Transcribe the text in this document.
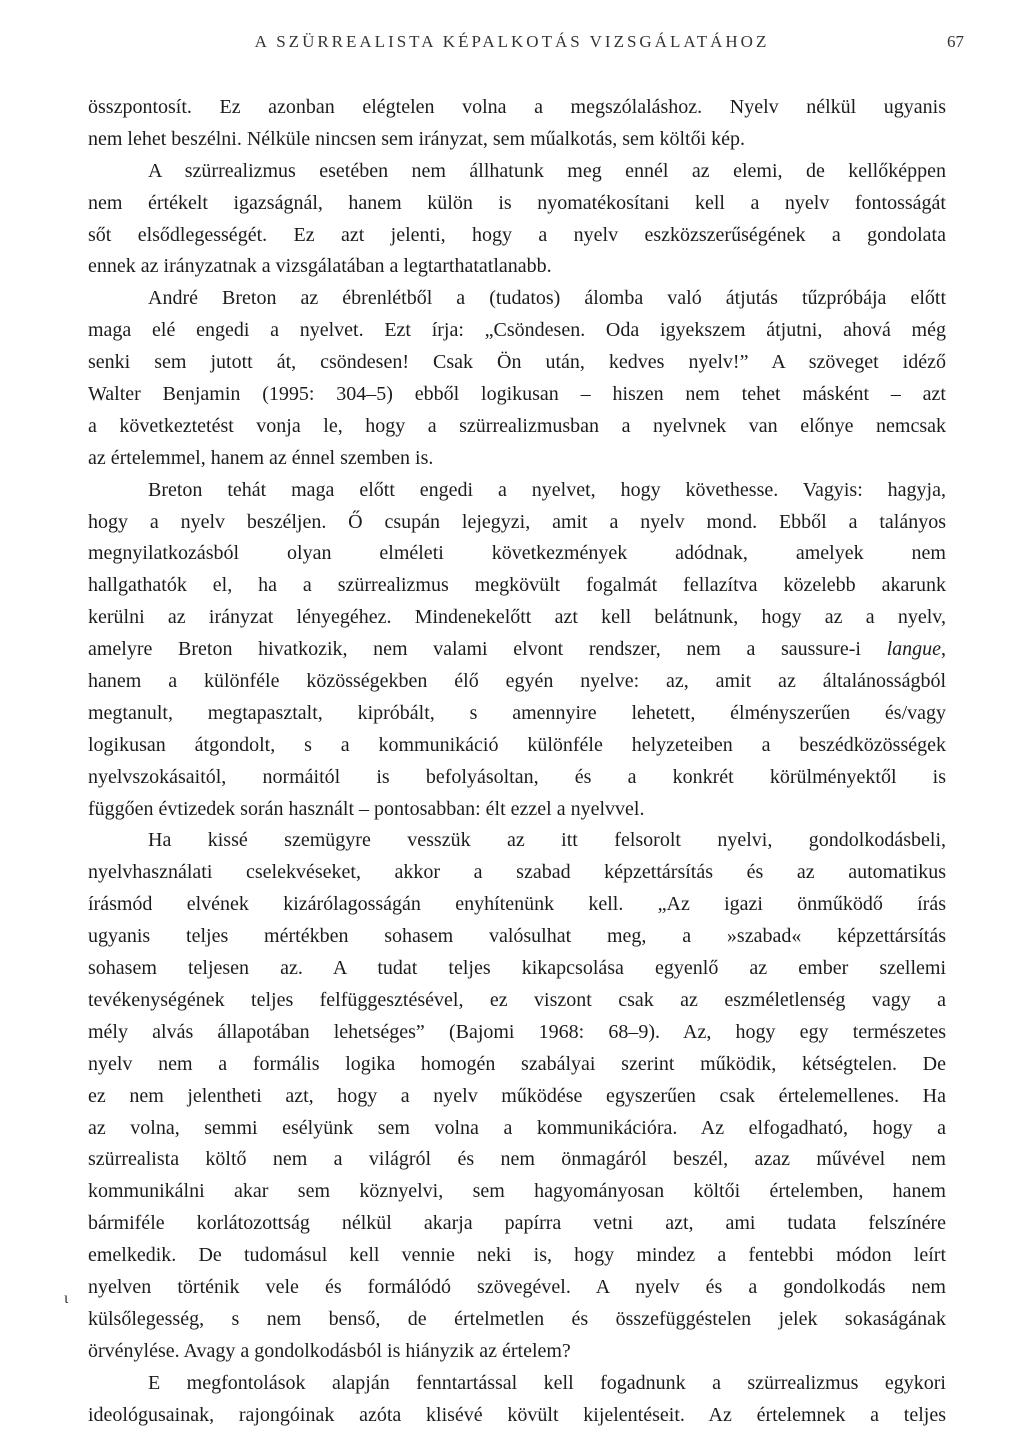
A SZÜRREALISTA KÉPALKOTÁS VIZSGÁLATÁHOZ	67
összpontosít. Ez azonban elégtelen volna a megszólaláshoz. Nyelv nélkül ugyanis
nem lehet beszélni. Nélküle nincsen sem irányzat, sem műalkotás, sem költői kép.
A szürrealizmus esetében nem állhatunk meg ennél az elemi, de kellőképpen
nem értékelt igazságnál, hanem külön is nyomatékosítani kell a nyelv fontosságát
sőt elsődlegességét. Ez azt jelenti, hogy a nyelv eszközszerűségének a gondolata
ennek az irányzatnak a vizsgálatában a legtarthatatlanabb.
André Breton az ébrenlétből a (tudatos) álomba való átjutás tűzpróbája előtt
maga elé engedi a nyelvet. Ezt írja: „Csöndesen. Oda igyekszem átjutni, ahová még
senki sem jutott át, csöndesen! Csak Ön után, kedves nyelv!” A szöveget idéző
Walter Benjamin (1995: 304–5) ebből logikusan – hiszen nem tehet másként – azt
a következtetést vonja le, hogy a szürrealizmusban a nyelvnek van előnye nemcsak
az értelemmel, hanem az énnel szemben is.
Breton tehát maga előtt engedi a nyelvet, hogy követhesse. Vagyis: hagyja,
hogy a nyelv beszéljen. Ő csupán lejegyzi, amit a nyelv mond. Ebből a talányos
megnyilatkozásból olyan elméleti következmények adódnak, amelyek nem
hallgathatók el, ha a szürrealizmus megkövült fogalmát fellazítva közelebb akarunk
kerülni az irányzat lényegéhez. Mindenekelőtt azt kell belátnunk, hogy az a nyelv,
amelyre Breton hivatkozik, nem valami elvont rendszer, nem a saussure-i langue,
hanem a különféle közösségekben élő egyén nyelve: az, amit az általánosságból
megtanult, megtapasztalt, kipróbált, s amennyire lehetett, élményszerűen és/vagy
logikusan átgondolt, s a kommunikáció különféle helyzeteiben a beszédközösségek
nyelvszokásaitól, normáitól is befolyásoltan, és a konkrét körülményektől is
függően évtizedek során használt – pontosabban: élt ezzel a nyelvvel.
Ha kissé szemügyre vesszük az itt felsorolt nyelvi, gondolkodásbeli,
nyelvhasználati cselekvéseket, akkor a szabad képzettársítás és az automatikus
írásmód elvének kizárólagosságán enyhítenünk kell. „Az igazi önműködő írás
ugyanis teljes mértékben sohasem valósulhat meg, a »szabad« képzettársítás
sohasem teljesen az. A tudat teljes kikapcsolása egyenlő az ember szellemi
tevékenységének teljes felfüggesztésével, ez viszont csak az eszméletlenség vagy a
mély alvás állapotában lehetséges” (Bajomi 1968: 68–9). Az, hogy egy természetes
nyelv nem a formális logika homogén szabályai szerint működik, kétségtelen. De
ez nem jelentheti azt, hogy a nyelv működése egyszerűen csak értelemellenes. Ha
az volna, semmi esélyünk sem volna a kommunikációra. Az elfogadható, hogy a
szürrealista költő nem a világról és nem önmagáról beszél, azaz művével nem
kommunikálni akar sem köznyelvi, sem hagyományosan költői értelemben, hanem
bármiféle korlátozottság nélkül akarja papírra vetni azt, ami tudata felszínére
emelkedik. De tudomásul kell vennie neki is, hogy mindez a fentebbi módon leírt
nyelven történik vele és formálódó szövegével. A nyelv és a gondolkodás nem
külsőlegesség, s nem benső, de értelmetlen és összefüggéstelen jelek sokaságának
örvénylése. Avagy a gondolkodásból is hiányzik az értelem?
E megfontolások alapján fenntartással kell fogadnunk a szürrealizmus egykori
ideológusainak, rajongóinak azóta klisévé kövült kijelentéseit. Az értelemnek a teljes
ι
